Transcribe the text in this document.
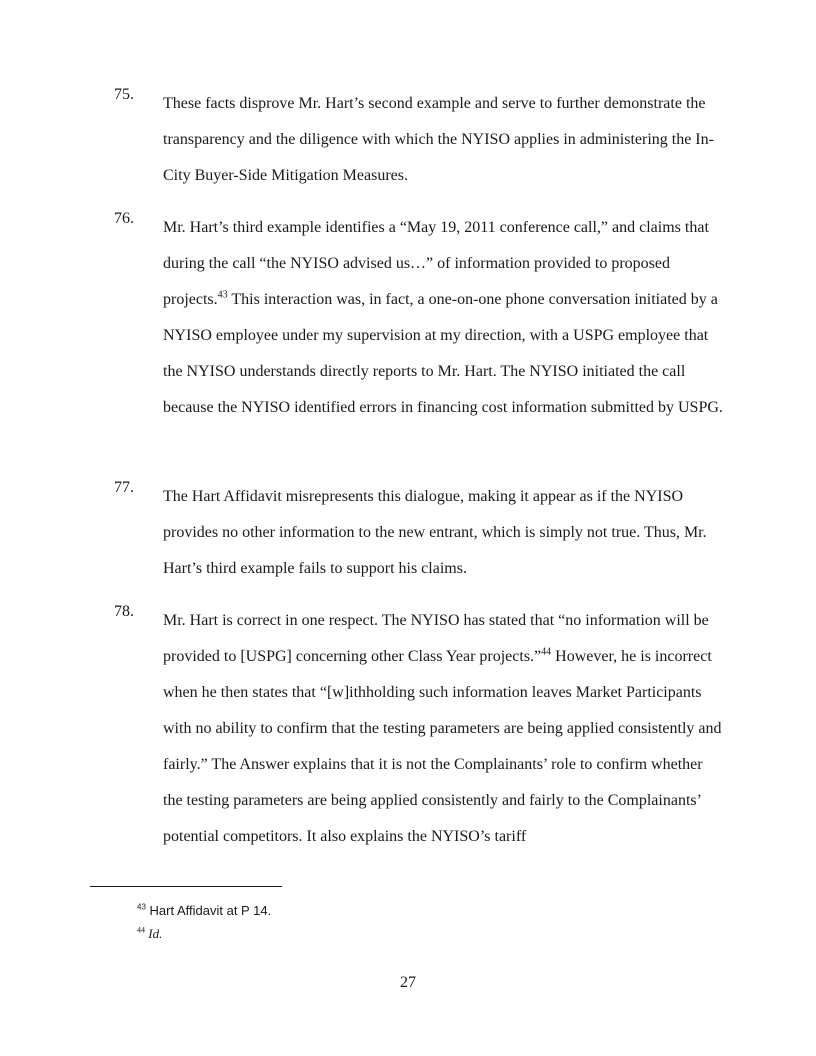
75.
These facts disprove Mr. Hart’s second example and serve to further demonstrate the transparency and the diligence with which the NYISO applies in administering the In-City Buyer-Side Mitigation Measures.
76.
Mr. Hart’s third example identifies a “May 19, 2011 conference call,” and claims that during the call “the NYISO advised us…” of information provided to proposed projects.$^{43}$ This interaction was, in fact, a one-on-one phone conversation initiated by a NYISO employee under my supervision at my direction, with a USPG employee that the NYISO understands directly reports to Mr. Hart. The NYISO initiated the call because the NYISO identified errors in financing cost information submitted by USPG.
77.
The Hart Affidavit misrepresents this dialogue, making it appear as if the NYISO provides no other information to the new entrant, which is simply not true. Thus, Mr. Hart’s third example fails to support his claims.
78.
Mr. Hart is correct in one respect. The NYISO has stated that “no information will be provided to [USPG] concerning other Class Year projects.”$^{44}$ However, he is incorrect when he then states that “[w]ithholding such information leaves Market Participants with no ability to confirm that the testing parameters are being applied consistently and fairly.” The Answer explains that it is not the Complainants’ role to confirm whether the testing parameters are being applied consistently and fairly to the Complainants’ potential competitors. It also explains the NYISO’s tariff
$^{43}$ Hart Affidavit at P 14.
$^{44}$ Id.
27
